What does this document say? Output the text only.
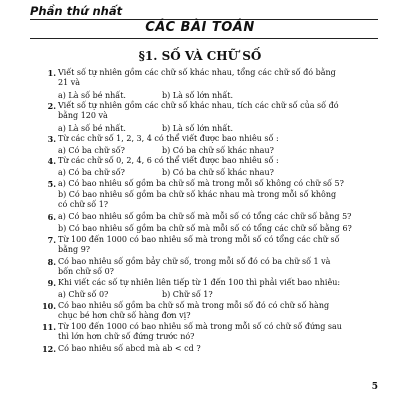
Phần thứ nhất
CÁC BÀI TOÁN
§1. SỐ VÀ CHỮ SỐ
1. Viết số tự nhiên gồm các chữ số khác nhau, tổng các chữ số đó bằng
21 và
a) Là số bé nhất.	b) Là số lớn nhất.
2. Viết số tự nhiên gồm các chữ số khác nhau, tích các chữ số của số đó
bằng 120 và
a) Là số bé nhất.	b) Là số lớn nhất.
3. Từ các chữ số 1, 2, 3, 4 có thể viết được bao nhiêu số :
a) Có ba chữ số?	b) Có ba chữ số khác nhau?
4. Từ các chữ số 0, 2, 4, 6 có thể viết được bao nhiêu số :
a) Có ba chữ số?	b) Có ba chữ số khác nhau?
5. a) Có bao nhiêu số gồm ba chữ số mà trong mỗi số không có chữ số 5?
b) Có bao nhiêu số gồm ba chữ số khác nhau mà trong mỗi số không
có chữ số 1?
6. a) Có bao nhiêu số gồm ba chữ số mà mỗi số có tổng các chữ số bằng 5?
b) Có bao nhiêu số gồm ba chữ số mà mỗi số có tổng các chữ số bằng 6?
7. Từ 100 đến 1000 có bao nhiêu số mà trong mỗi số có tổng các chữ số
bằng 9?
8. Có bao nhiêu số gồm bảy chữ số, trong mỗi số đó có ba chữ số 1 và
bốn chữ số 0?
9. Khi viết các số tự nhiên liên tiếp từ 1 đến 100 thì phải viết bao nhiêu:
a) Chữ số 0?	b) Chữ số 1?
10. Có bao nhiêu số gồm ba chữ số mà trong mỗi số đó có chữ số hàng
chục bé hơn chữ số hàng đơn vị?
11. Từ 100 đến 1000 có bao nhiêu số mà trong mỗi số có chữ số đứng sau
thì lớn hơn chữ số đứng trước nó?
12. Có bao nhiêu số abcd mà ab < cd ?
5
